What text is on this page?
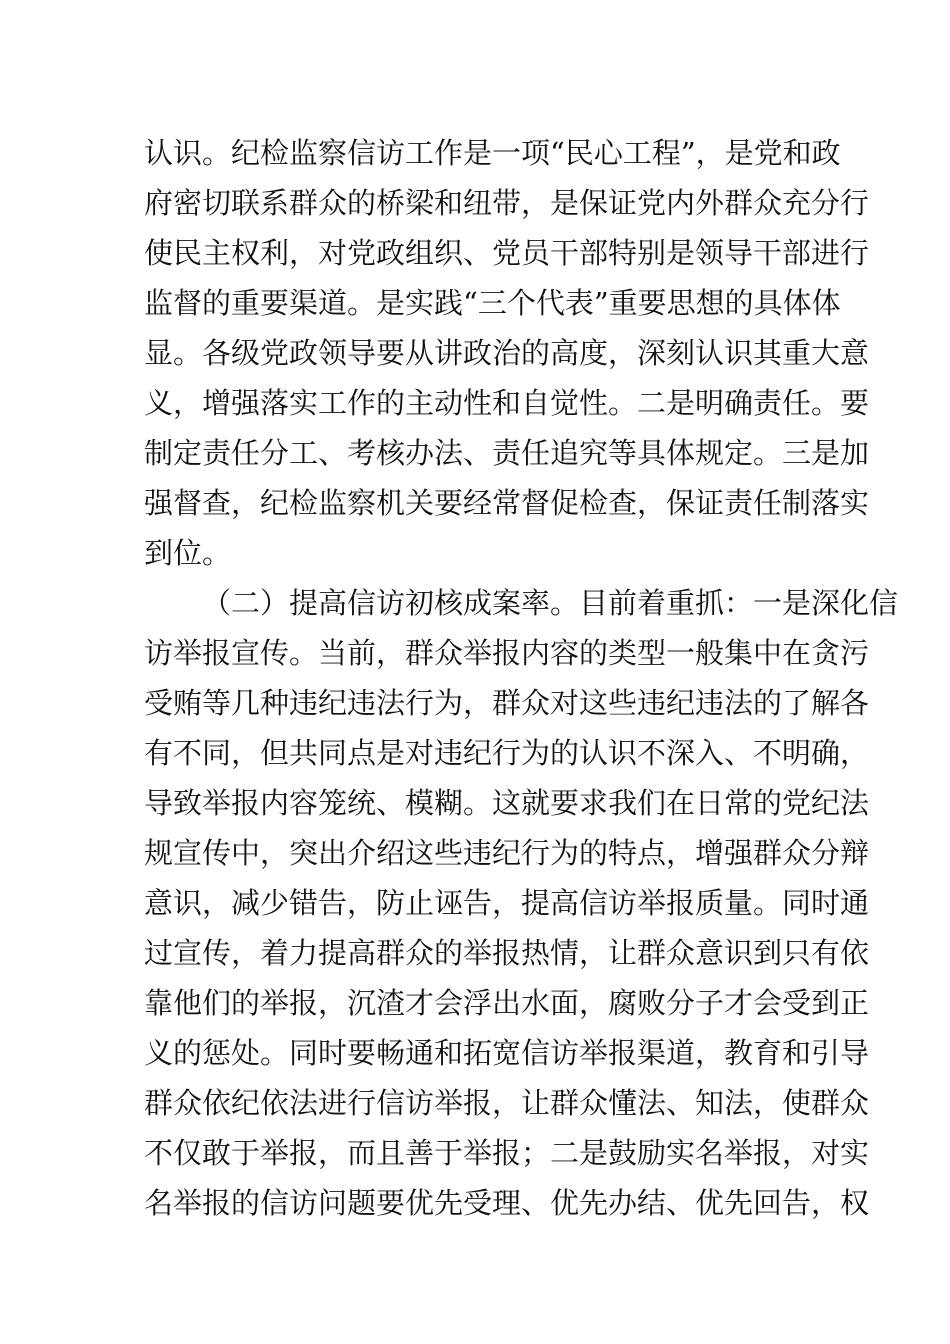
认识。纪检监察信访工作是一项“民心工程”，是党和政
府密切联系群众的桥梁和纽带，是保证党内外群众充分行
使民主权利，对党政组织、党员干部特别是领导干部进行
监督的重要渠道。是实践“三个代表”重要思想的具体体
显。各级党政领导要从讲政治的高度，深刻认识其重大意
义，增强落实工作的主动性和自觉性。二是明确责任。要
制定责任分工、考核办法、责任追究等具体规定。三是加
强督查，纪检监察机关要经常督促检查，保证责任制落实
到位。
（二）提高信访初核成案率。目前着重抓：一是深化信
访举报宣传。当前，群众举报内容的类型一般集中在贪污
受贿等几种违纪违法行为，群众对这些违纪违法的了解各
有不同，但共同点是对违纪行为的认识不深入、不明确，
导致举报内容笼统、模糊。这就要求我们在日常的党纪法
规宣传中，突出介绍这些违纪行为的特点，增强群众分辩
意识，减少错告，防止诬告，提高信访举报质量。同时通
过宣传，着力提高群众的举报热情，让群众意识到只有依
靠他们的举报，沉渣才会浮出水面，腐败分子才会受到正
义的惩处。同时要畅通和拓宽信访举报渠道，教育和引导
群众依纪依法进行信访举报，让群众懂法、知法，使群众
不仅敢于举报，而且善于举报；二是鼓励实名举报，对实
名举报的信访问题要优先受理、优先办结、优先回告，权
